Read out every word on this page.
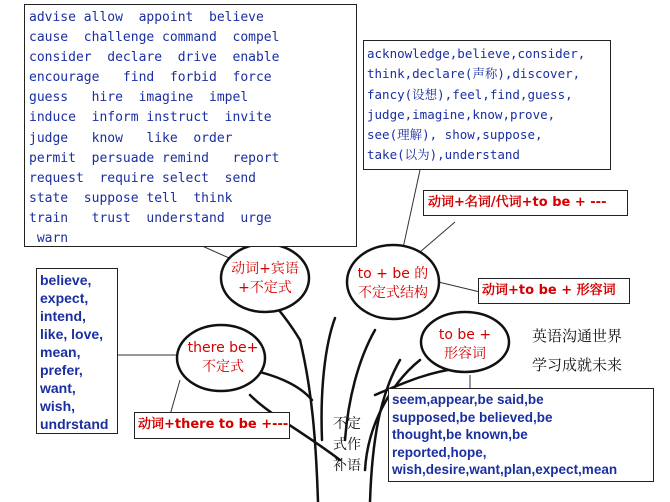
advise allow  appoint  believe
cause  challenge command  compel
consider  declare  drive  enable
encourage   find  forbid  force
guess   hire  imagine  impel
induce  inform instruct  invite
judge   know   like  order
permit  persuade remind   report
request  require select  send
state  suppose tell  think
train   trust  understand  urge
warn
acknowledge,believe,consider,
think,declare(声称),discover,
fancy(设想),feel,find,guess,
judge,imagine,know,prove,
see(理解), show,suppose,
take(以为),understand
动词+名词/代词+to be + ---
动词+to be + 形容词
believe,
expect,
intend,
like, love,
mean,
prefer,
want,
wish,
undrstand	动词+there to be +---
seem,appear,be said,be
supposed,be believed,be
thought,be known,be
reported,hope,
wish,desire,want,plan,expect,mean
动词+宾语
+不定式
to + be 的
不定式结构
there be+
不定式
to be +
形容词
不定
式作
补语
英语沟通世界
学习成就未来
